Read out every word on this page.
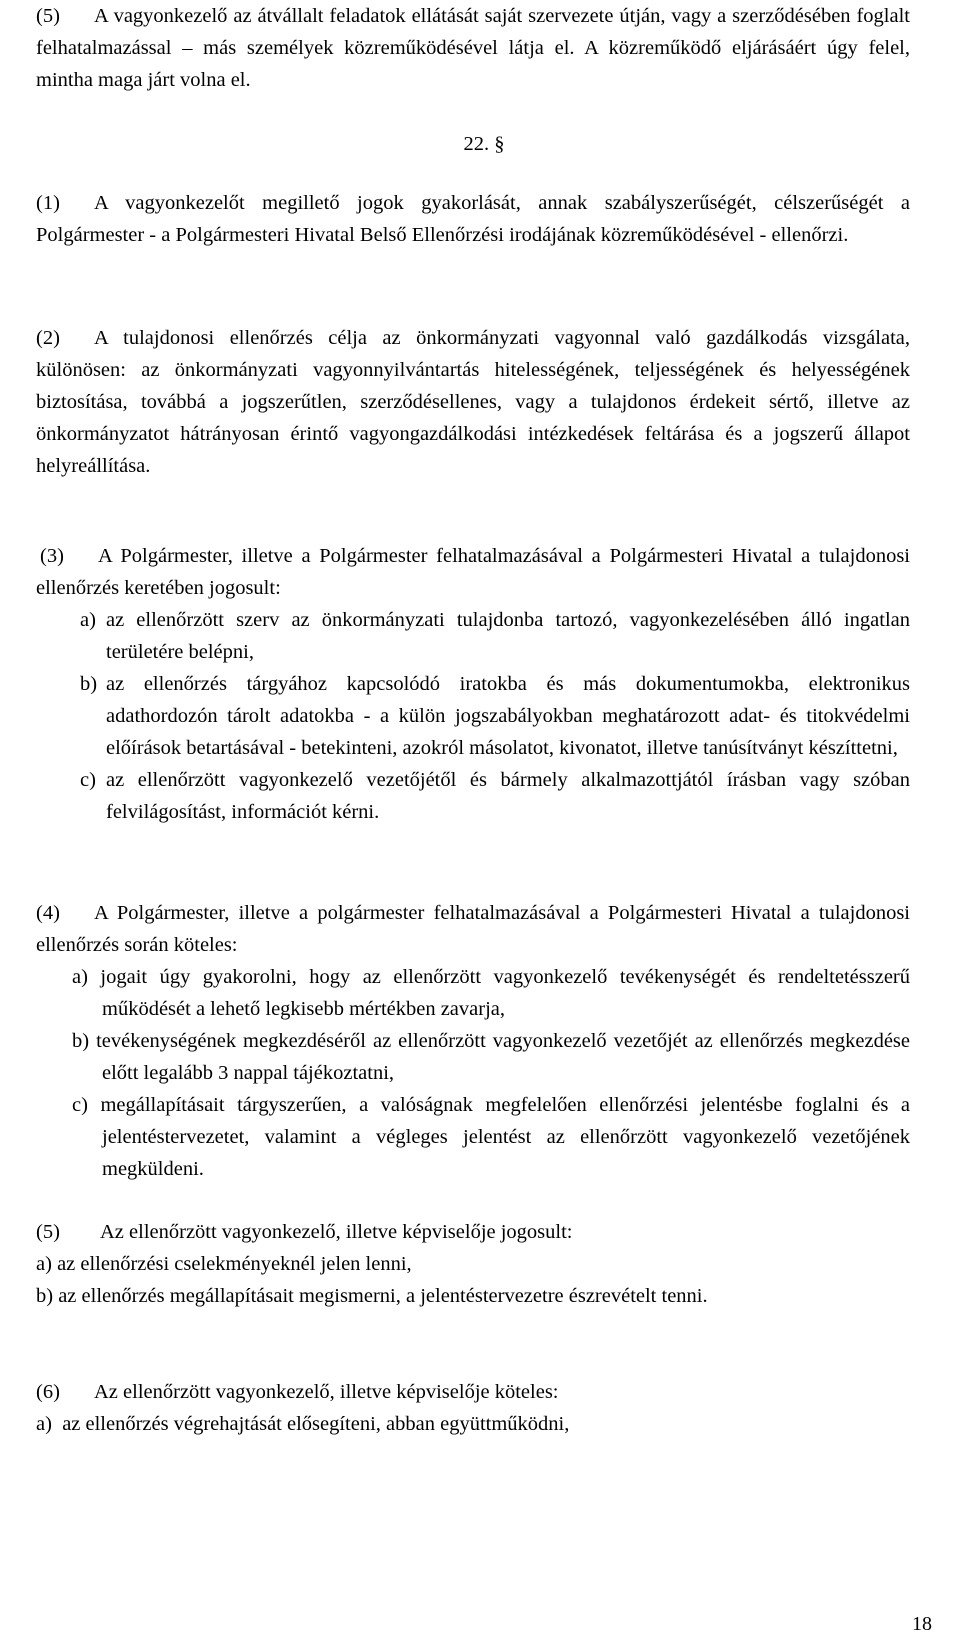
(5) A vagyonkezelő az átvállalt feladatok ellátását saját szervezete útján, vagy a szerződésében foglalt felhatalmazással – más személyek közreműködésével látja el. A közreműködő eljárásáért úgy felel, mintha maga járt volna el.
22. §
(1) A vagyonkezelőt megillető jogok gyakorlását, annak szabályszerűségét, célszerűségét a Polgármester - a Polgármesteri Hivatal Belső Ellenőrzési irodájának közreműködésével - ellenőrzi.
(2) A tulajdonosi ellenőrzés célja az önkormányzati vagyonnal való gazdálkodás vizsgálata, különösen: az önkormányzati vagyonnyilvántartás hitelességének, teljességének és helyességének biztosítása, továbbá a jogszerűtlen, szerződésellenes, vagy a tulajdonos érdekeit sértő, illetve az önkormányzatot hátrányosan érintő vagyongazdálkodási intézkedések feltárása és a jogszerű állapot helyreállítása.
(3) A Polgármester, illetve a Polgármester felhatalmazásával a Polgármesteri Hivatal a tulajdonosi ellenőrzés keretében jogosult:
a) az ellenőrzött szerv az önkormányzati tulajdonba tartozó, vagyonkezelésében álló ingatlan területére belépni,
b) az ellenőrzés tárgyához kapcsolódó iratokba és más dokumentumokba, elektronikus adathordozón tárolt adatokba - a külön jogszabályokban meghatározott adat- és titokvédelmi előírások betartásával - betekinteni, azokról másolatot, kivonatot, illetve tanúsítványt készíttetni,
c) az ellenőrzött vagyonkezelő vezetőjétől és bármely alkalmazottjától írásban vagy szóban felvilágosítást, információt kérni.
(4) A Polgármester, illetve a polgármester felhatalmazásával a Polgármesteri Hivatal a tulajdonosi ellenőrzés során köteles:
a) jogait úgy gyakorolni, hogy az ellenőrzött vagyonkezelő tevékenységét és rendeltetésszerű működését a lehető legkisebb mértékben zavarja,
b) tevékenységének megkezdéséről az ellenőrzött vagyonkezelő vezetőjét az ellenőrzés megkezdése előtt legalább 3 nappal tájékoztatni,
c) megállapításait tárgyszerűen, a valóságnak megfelelően ellenőrzési jelentésbe foglalni és a jelentéstervezetet, valamint a végleges jelentést az ellenőrzött vagyonkezelő vezetőjének megküldeni.
(5) Az ellenőrzött vagyonkezelő, illetve képviselője jogosult:
a) az ellenőrzési cselekményeknél jelen lenni,
b) az ellenőrzés megállapításait megismerni, a jelentéstervezetre észrevételt tenni.
(6) Az ellenőrzött vagyonkezelő, illetve képviselője köteles:
a) az ellenőrzés végrehajtását elősegíteni, abban együttműködni,
18
